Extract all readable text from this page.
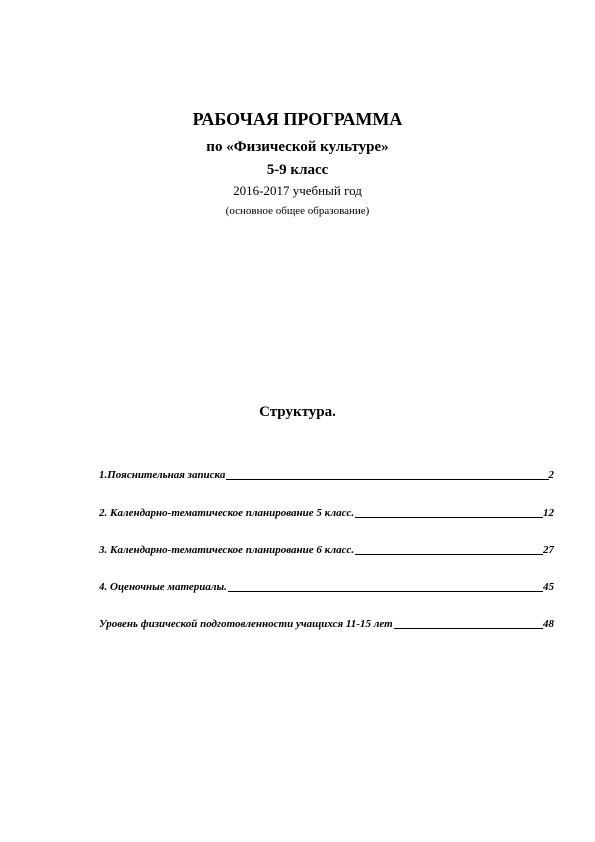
РАБОЧАЯ ПРОГРАММА
по «Физической культуре»
5-9 класс
2016-2017 учебный год
(основное общее образование)
Структура.
1.Пояснительная записка	2
2. Календарно-тематическое планирование 5 класс.	12
3. Календарно-тематическое планирование 6 класс.	27
4. Оценочные материалы.	45
Уровень физической подготовленности учащихся 11-15 лет	48
